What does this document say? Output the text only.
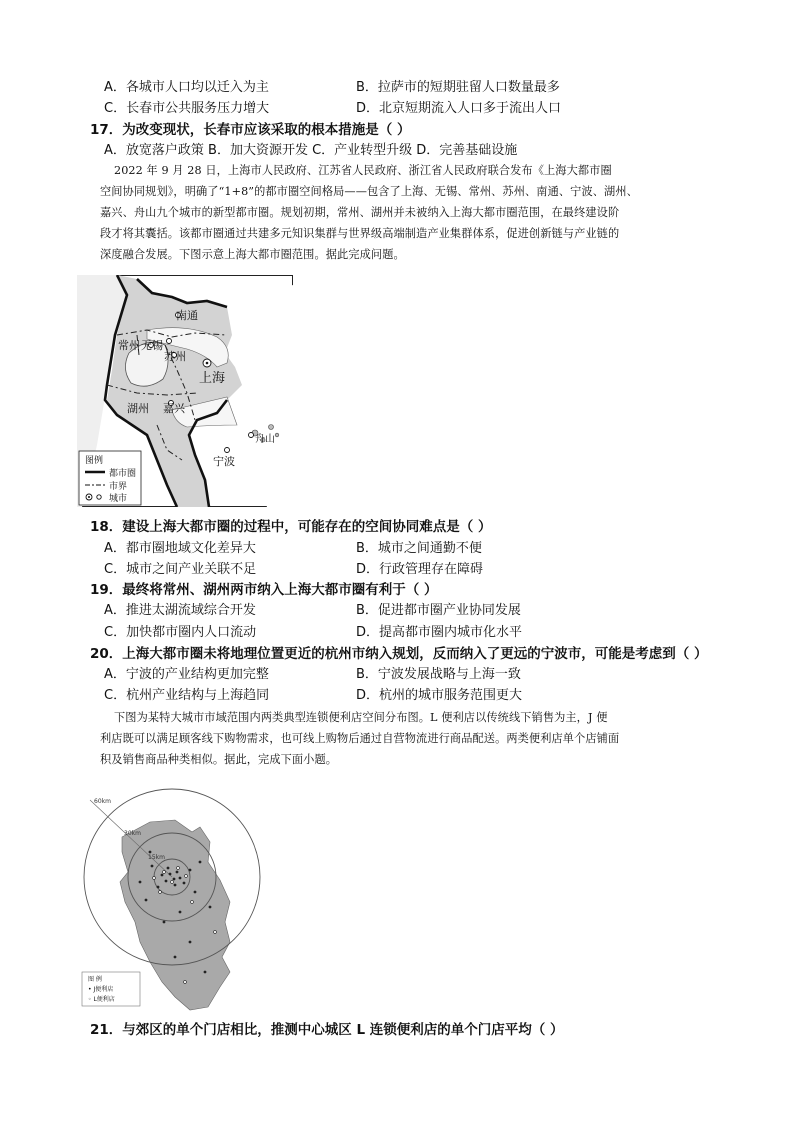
A．各城市人口均以迁入为主	B．拉萨市的短期驻留人口数量最多
C．长春市公共服务压力增大	D．北京短期流入人口多于流出人口
17．为改变现状，长春市应该采取的根本措施是（ ）
A．放宽落户政策 B．加大资源开发 C．产业转型升级 D．完善基础设施
2022 年 9 月 28 日，上海市人民政府、江苏省人民政府、浙江省人民政府联合发布《上海大都市圈
空间协同规划》，明确了“1+8”的都市圈空间格局——包含了上海、无锡、常州、苏州、南通、宁波、湖州、
嘉兴、舟山九个城市的新型都市圈。规划初期，常州、湖州并未被纳入上海大都市圈范围，在最终建设阶
段才将其囊括。该都市圈通过共建多元知识集群与世界级高端制造产业集群体系，促进创新链与产业链的
深度融合发展。下图示意上海大都市圈范围。据此完成问题。
南通
常州 无锡
苏州
上海
湖州 嘉兴
舟山
宁波
图例
都市圈
市界
城市
18．建设上海大都市圈的过程中，可能存在的空间协同难点是（ ）
A．都市圈地域文化差异大	B．城市之间通勤不便
C．城市之间产业关联不足	D．行政管理存在障碍
19．最终将常州、湖州两市纳入上海大都市圈有利于（ ）
A．推进太湖流域综合开发	B．促进都市圈产业协同发展
C．加快都市圈内人口流动	D．提高都市圈内城市化水平
20．上海大都市圈未将地理位置更近的杭州市纳入规划，反而纳入了更远的宁波市，可能是考虑到（ ）
A．宁波的产业结构更加完整	B．宁波发展战略与上海一致
C．杭州产业结构与上海趋同	D．杭州的城市服务范围更大
下图为某特大城市市域范围内两类典型连锁便利店空间分布图。L 便利店以传统线下销售为主，J 便
利店既可以满足顾客线下购物需求，也可线上购物后通过自营物流进行商品配送。两类便利店单个店铺面
积及销售商品种类相似。据此，完成下面小题。
60km
30km
15km
图 例
• J便利店
◦ L便利店
21．与郊区的单个门店相比，推测中心城区 L 连锁便利店的单个门店平均（ ）
